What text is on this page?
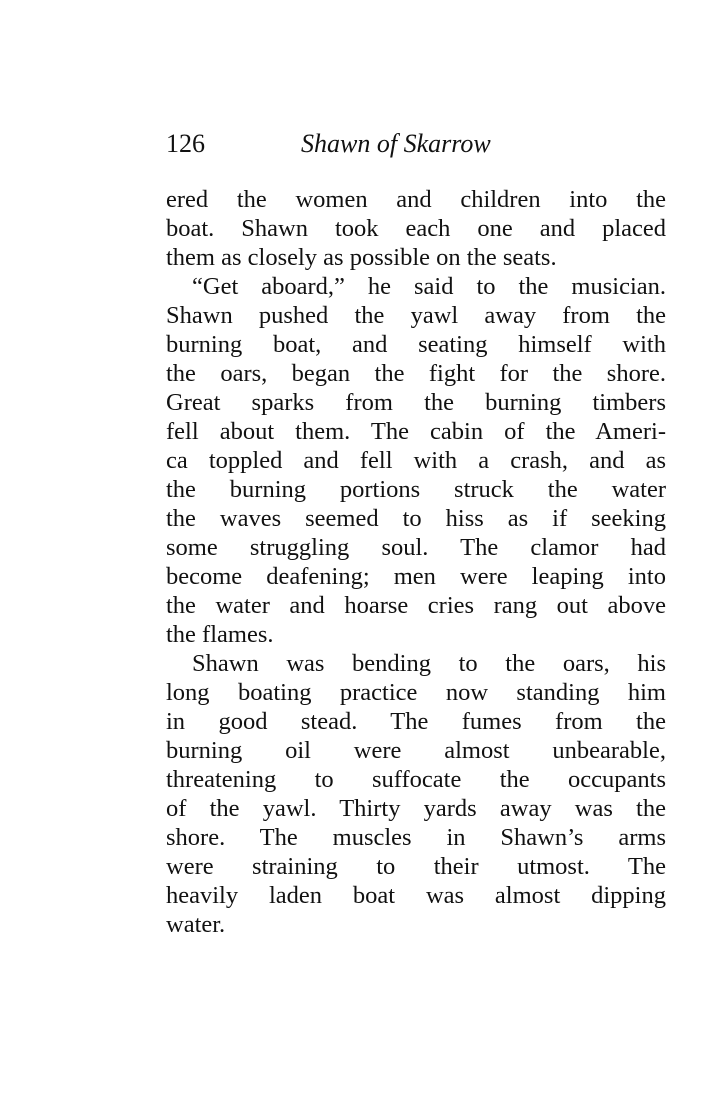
126	Shawn of Skarrow
ered the women and children into the
boat. Shawn took each one and placed
them as closely as possible on the seats.
“Get aboard,” he said to the musician.
Shawn pushed the yawl away from the
burning boat, and seating himself with
the oars, began the fight for the shore.
Great sparks from the burning timbers
fell about them. The cabin of the Ameri-
ca toppled and fell with a crash, and as
the burning portions struck the water
the waves seemed to hiss as if seeking
some struggling soul. The clamor had
become deafening; men were leaping into
the water and hoarse cries rang out above
the flames.
Shawn was bending to the oars, his
long boating practice now standing him
in good stead. The fumes from the
burning oil were almost unbearable,
threatening to suffocate the occupants
of the yawl. Thirty yards away was the
shore. The muscles in Shawn’s arms
were straining to their utmost. The
heavily laden boat was almost dipping
water.
